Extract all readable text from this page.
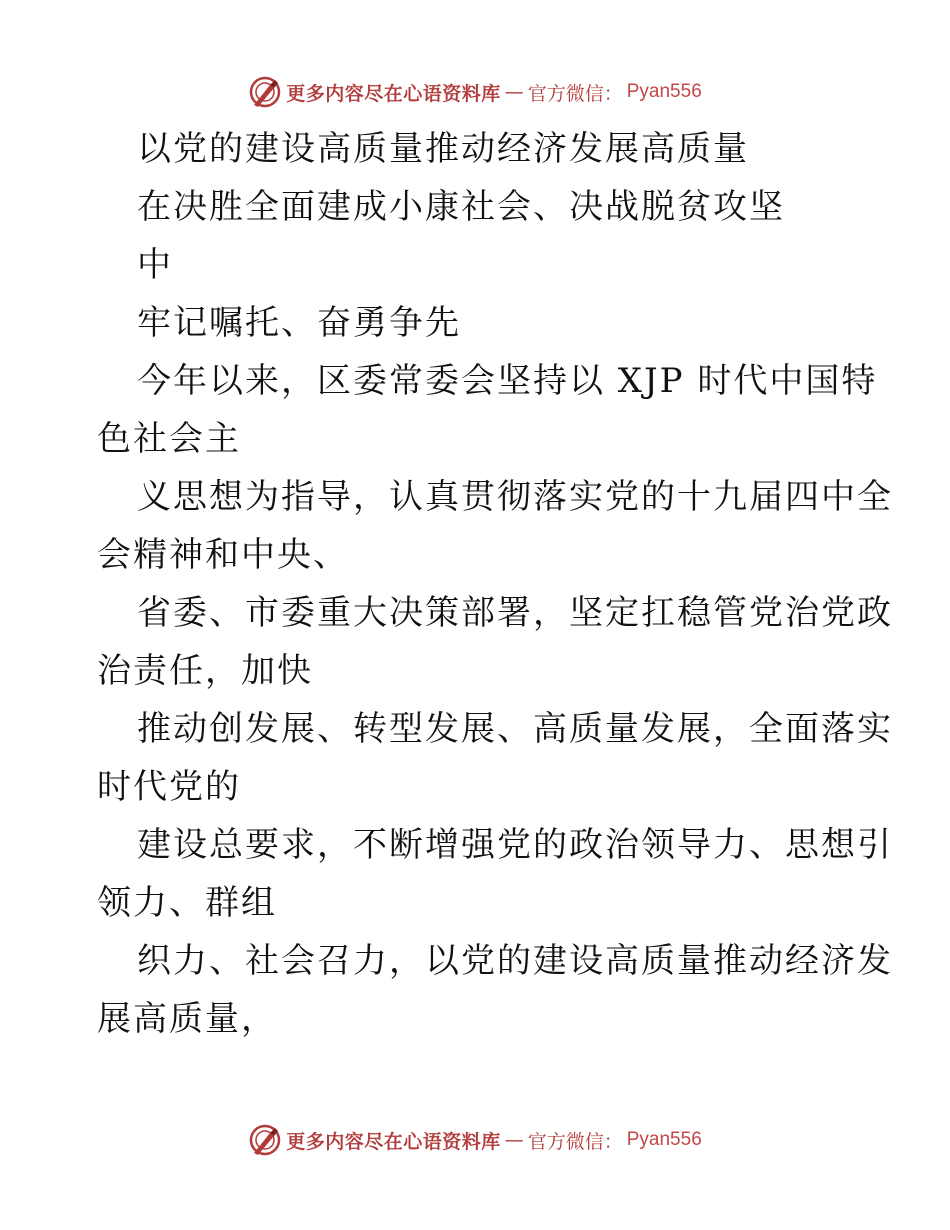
更多内容尽在心语资料库 — 官方微信： Pyan556
以党的建设高质量推动经济发展高质量
在决胜全面建成小康社会、决战脱贫攻坚
中
牢记嘱托、奋勇争先
今年以来，区委常委会坚持以 XJP 时代中国特
色社会主
义思想为指导，认真贯彻落实党的十九届四中全
会精神和中央、
省委、市委重大决策部署，坚定扛稳管党治党政
治责任，加快
推动创发展、转型发展、高质量发展，全面落实
时代党的
建设总要求，不断增强党的政治领导力、思想引
领力、群组
织力、社会召力，以党的建设高质量推动经济发
展高质量，
更多内容尽在心语资料库 — 官方微信： Pyan556
